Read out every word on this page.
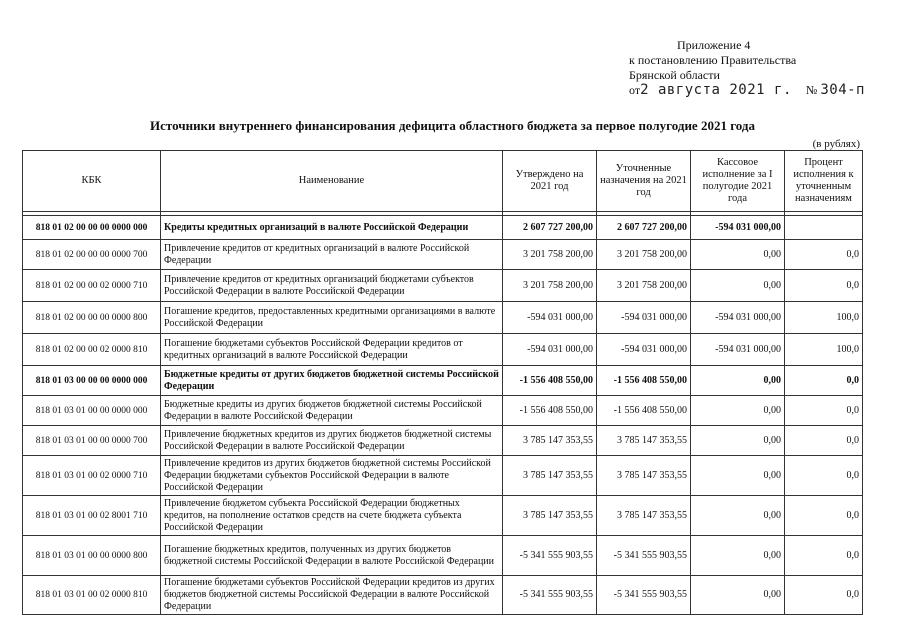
Приложение 4
к постановлению Правительства
Брянской области
от2 августа 2021 г. № 304-п
Источники внутреннего финансирования дефицита областного бюджета за первое полугодие 2021 года
(в рублях)
КБК	Наименование	Утверждено на 2021 год	Уточненные назначения на 2021 год	Кассовое исполнение за I полугодие 2021 года	Процент исполнения к уточненным назначениям

818 01 02 00 00 00 0000 000	Кредиты кредитных организаций в валюте Российской Федерации	2 607 727 200,00	2 607 727 200,00	-594 031 000,00	
818 01 02 00 00 00 0000 700	Привлечение кредитов от кредитных организаций в валюте Российской Федерации	3 201 758 200,00	3 201 758 200,00	0,00	0,0
818 01 02 00 00 02 0000 710	Привлечение кредитов от кредитных организаций бюджетами субъектов Российской Федерации в валюте Российской Федерации	3 201 758 200,00	3 201 758 200,00	0,00	0,0
818 01 02 00 00 00 0000 800	Погашение кредитов, предоставленных кредитными организациями в валюте Российской Федерации	-594 031 000,00	-594 031 000,00	-594 031 000,00	100,0
818 01 02 00 00 02 0000 810	Погашение бюджетами субъектов Российской Федерации кредитов от кредитных организаций в валюте Российской Федерации	-594 031 000,00	-594 031 000,00	-594 031 000,00	100,0
818 01 03 00 00 00 0000 000	Бюджетные кредиты от других бюджетов бюджетной системы Российской Федерации	-1 556 408 550,00	-1 556 408 550,00	0,00	0,0
818 01 03 01 00 00 0000 000	Бюджетные кредиты из других бюджетов бюджетной системы Российской Федерации в валюте Российской Федерации	-1 556 408 550,00	-1 556 408 550,00	0,00	0,0
818 01 03 01 00 00 0000 700	Привлечение бюджетных кредитов из других бюджетов бюджетной системы Российской Федерации в валюте Российской Федерации	3 785 147 353,55	3 785 147 353,55	0,00	0,0
818 01 03 01 00 02 0000 710	Привлечение кредитов из других бюджетов бюджетной системы Российской Федерации бюджетами субъектов Российской Федерации в валюте Российской Федерации	3 785 147 353,55	3 785 147 353,55	0,00	0,0
818 01 03 01 00 02 8001 710	Привлечение бюджетом субъекта Российской Федерации бюджетных кредитов, на пополнение остатков средств на счете бюджета субъекта Российской Федерации	3 785 147 353,55	3 785 147 353,55	0,00	0,0
818 01 03 01 00 00 0000 800	Погашение бюджетных кредитов, полученных из других бюджетов бюджетной системы Российской Федерации в валюте Российской Федерации	-5 341 555 903,55	-5 341 555 903,55	0,00	0,0
818 01 03 01 00 02 0000 810	Погашение бюджетами субъектов Российской Федерации кредитов из других бюджетов бюджетной системы Российской Федерации в валюте Российской Федерации	-5 341 555 903,55	-5 341 555 903,55	0,00	0,0
